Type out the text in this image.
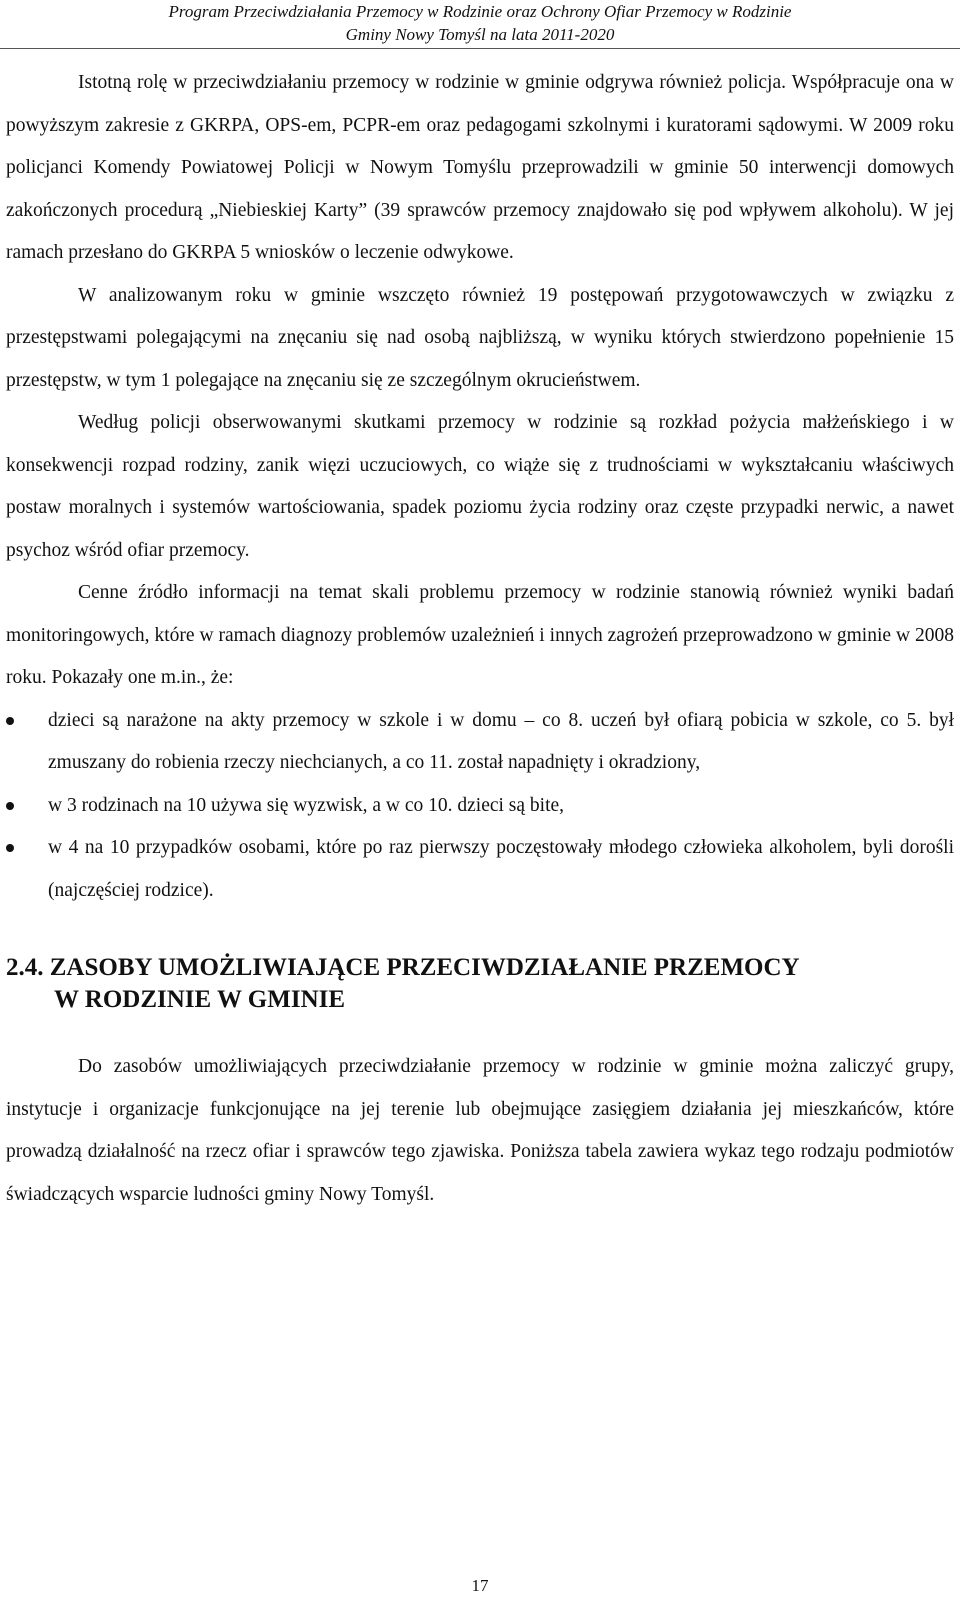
Program Przeciwdziałania Przemocy w Rodzinie oraz Ochrony Ofiar Przemocy w Rodzinie
Gminy Nowy Tomyśl na lata 2011-2020

Istotną rolę w przeciwdziałaniu przemocy w rodzinie w gminie odgrywa również policja. Współpracuje ona w powyższym zakresie z GKRPA, OPS-em, PCPR-em oraz pedagogami szkolnymi i kuratorami sądowymi. W 2009 roku policjanci Komendy Powiatowej Policji w Nowym Tomyślu przeprowadzili w gminie 50 interwencji domowych zakończonych procedurą „Niebieskiej Karty” (39 sprawców przemocy znajdowało się pod wpływem alkoholu). W jej ramach przesłano do GKRPA 5 wniosków o leczenie odwykowe.

W analizowanym roku w gminie wszczęto również 19 postępowań przygotowawczych w związku z przestępstwami polegającymi na znęcaniu się nad osobą najbliższą, w wyniku których stwierdzono popełnienie 15 przestępstw, w tym 1 polegające na znęcaniu się ze szczególnym okrucieństwem.

Według policji obserwowanymi skutkami przemocy w rodzinie są rozkład pożycia małżeńskiego i w konsekwencji rozpad rodziny, zanik więzi uczuciowych, co wiąże się z trudnościami w wykształcaniu właściwych postaw moralnych i systemów wartościowania, spadek poziomu życia rodziny oraz częste przypadki nerwic, a nawet psychoz wśród ofiar przemocy.

Cenne źródło informacji na temat skali problemu przemocy w rodzinie stanowią również wyniki badań monitoringowych, które w ramach diagnozy problemów uzależnień i innych zagrożeń przeprowadzono w gminie w 2008 roku. Pokazały one m.in., że:

dzieci są narażone na akty przemocy w szkole i w domu – co 8. uczeń był ofiarą pobicia w szkole, co 5. był zmuszany do robienia rzeczy niechcianych, a co 11. został napadnięty i okradziony,
w 3 rodzinach na 10 używa się wyzwisk, a w co 10. dzieci są bite,
w 4 na 10 przypadków osobami, które po raz pierwszy poczęstowały młodego człowieka alkoholem, byli dorośli (najczęściej rodzice).
2.4. ZASOBY UMOŻLIWIAJĄCE PRZECIWDZIAŁANIE PRZEMOCY
W RODZINIE W GMINIE

Do zasobów umożliwiających przeciwdziałanie przemocy w rodzinie w gminie można zaliczyć grupy, instytucje i organizacje funkcjonujące na jej terenie lub obejmujące zasięgiem działania jej mieszkańców, które prowadzą działalność na rzecz ofiar i sprawców tego zjawiska. Poniższa tabela zawiera wykaz tego rodzaju podmiotów świadczących wsparcie ludności gminy Nowy Tomyśl.

17
